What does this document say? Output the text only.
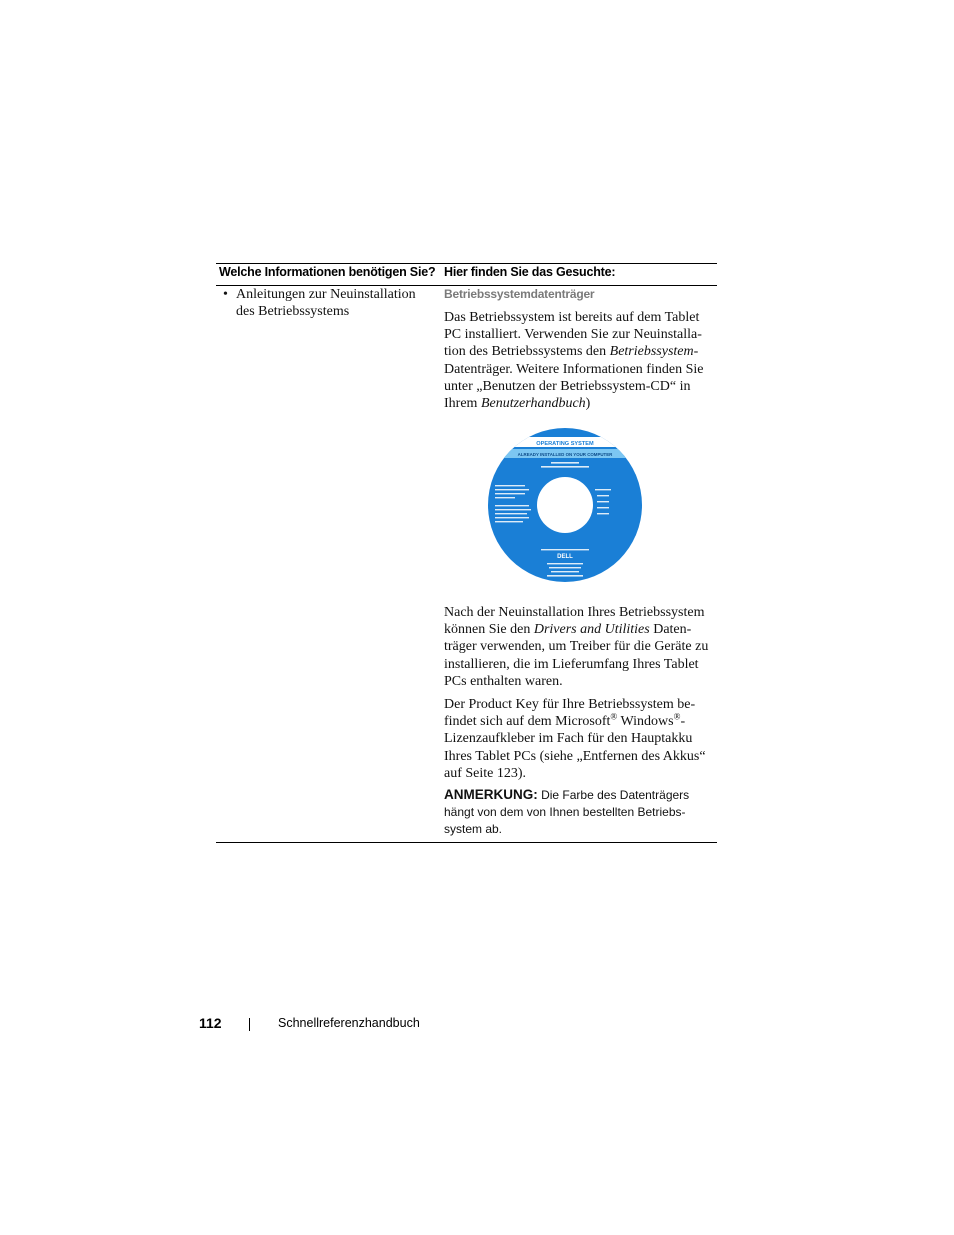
Welche Informationen benötigen Sie? Hier finden Sie das Gesuchte:
• Anleitungen zur Neuinstallation des Betriebssystems
Betriebssystemdatenträger
Das Betriebssystem ist bereits auf dem Tablet PC installiert. Verwenden Sie zur Neuinstalla-tion des Betriebssystems den Betriebssystem-Datenträger. Weitere Informationen finden Sie unter „Benutzen der Betriebssystem-CD“ in Ihrem Benutzerhandbuch)
Nach der Neuinstallation Ihres Betriebssystem können Sie den Drivers and Utilities Daten-träger verwenden, um Treiber für die Geräte zu installieren, die im Lieferumfang Ihres Tablet PCs enthalten waren.
Der Product Key für Ihre Betriebssystem be-findet sich auf dem Microsoft® Windows®-Lizenzaufkleber im Fach für den Hauptakku Ihres Tablet PCs (siehe „Entfernen des Akkus“ auf Seite 123).
ANMERKUNG: Die Farbe des Datenträgers hängt von dem von Ihnen bestellten Betriebs-system ab.
OPERATING SYSTEM
ALREADY INSTALLED ON YOUR COMPUTER
DELL
112	Schnellreferenzhandbuch
